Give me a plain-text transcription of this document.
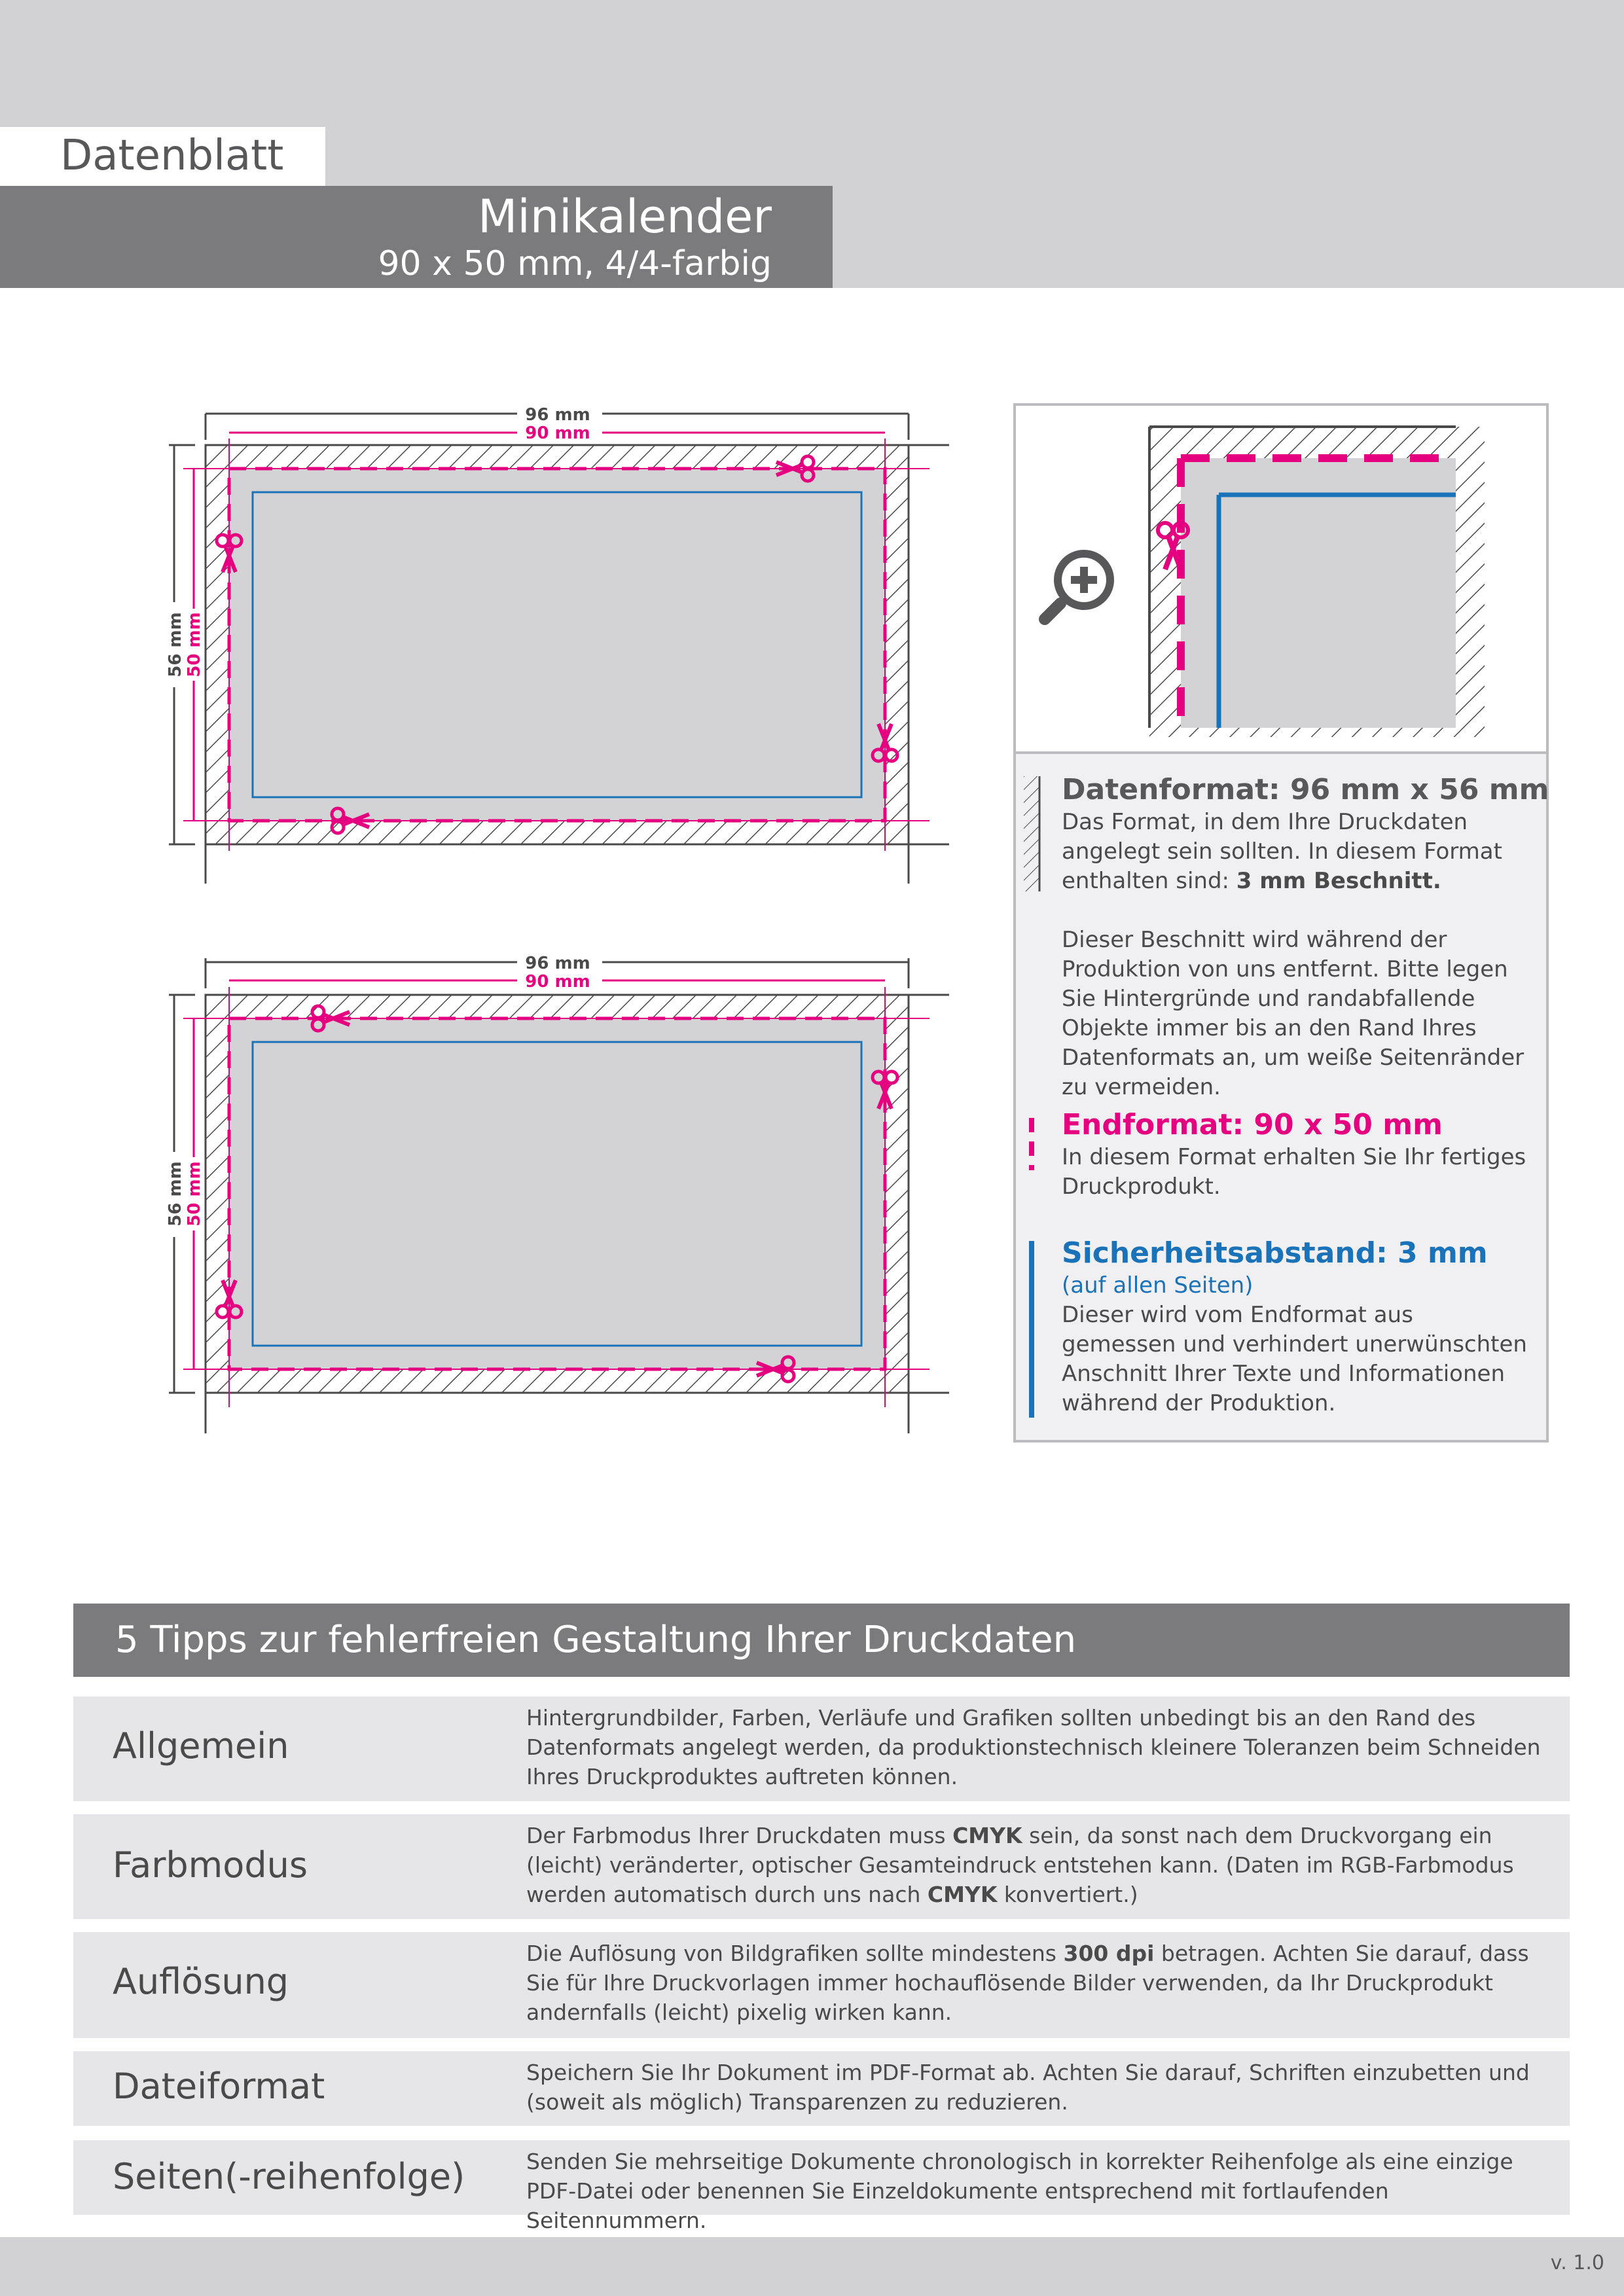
Datenblatt
Minikalender
90 x 50 mm, 4/4-farbig
96 mm
90 mm
56 mm 50 mm
96 mm
90 mm
56 mm 50 mm
Datenformat: 96 mm x 56 mm
Das Format, in dem Ihre Druckdaten angelegt sein sollten. In diesem Format enthalten sind: 3 mm Beschnitt.
Dieser Beschnitt wird während der Produktion von uns entfernt. Bitte legen Sie Hintergründe und randabfallende Objekte immer bis an den Rand Ihres Datenformats an, um weiße Seitenränder zu vermeiden.
Endformat: 90 x 50 mm
In diesem Format erhalten Sie Ihr fertiges Druckprodukt.
Sicherheitsabstand: 3 mm
(auf allen Seiten)
Dieser wird vom Endformat aus gemessen und verhindert unerwünschten Anschnitt Ihrer Texte und Informationen während der Produktion.
5 Tipps zur fehlerfreien Gestaltung Ihrer Druckdaten
Allgemein
Hintergrundbilder, Farben, Verläufe und Grafiken sollten unbedingt bis an den Rand des Datenformats angelegt werden, da produktionstechnisch kleinere Toleranzen beim Schneiden Ihres Druckproduktes auftreten können.
Farbmodus
Der Farbmodus Ihrer Druckdaten muss CMYK sein, da sonst nach dem Druckvorgang ein (leicht) veränderter, optischer Gesamteindruck entstehen kann. (Daten im RGB-Farbmodus werden automatisch durch uns nach CMYK konvertiert.)
Auflösung
Die Auflösung von Bildgrafiken sollte mindestens 300 dpi betragen. Achten Sie darauf, dass Sie für Ihre Druckvorlagen immer hochauflösende Bilder verwenden, da Ihr Druckprodukt andernfalls (leicht) pixelig wirken kann.
Dateiformat	Speichern Sie Ihr Dokument im PDF-Format ab. Achten Sie darauf, Schriften einzubetten und (soweit als möglich) Transparenzen zu reduzieren.
Seiten(-reihenfolge)	Senden Sie mehrseitige Dokumente chronologisch in korrekter Reihenfolge als eine einzige PDF-Datei oder benennen Sie Einzeldokumente entsprechend mit fortlaufenden Seitennummern.
v. 1.0
